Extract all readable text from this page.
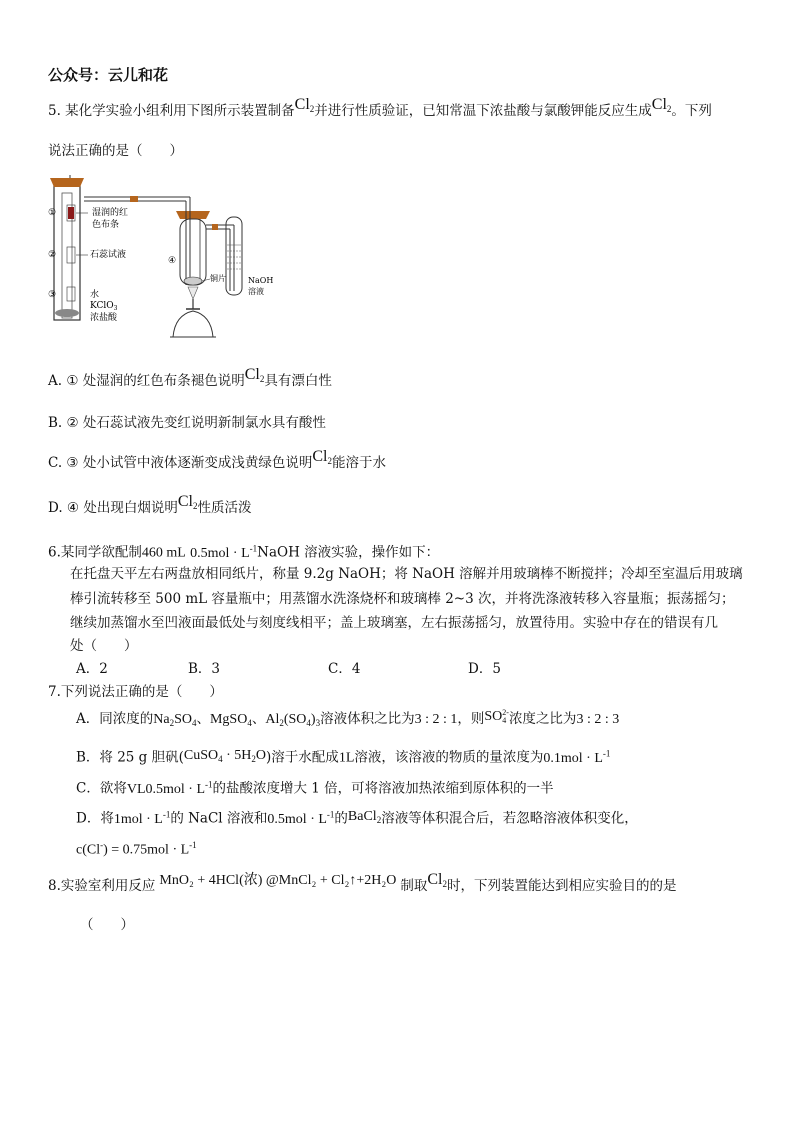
公众号：云儿和花
5. 某化学实验小组利用下图所示装置制备$Cl_2$并进行性质验证，已知常温下浓盐酸与氯酸钾能反应生成$Cl_2$。下列
说法正确的是（　　）
①
②
③
湿润的红
色布条
石蕊试液
水
KClO$_3$
浓盐酸
④
铜片	NaOH
溶液
A. ① 处湿润的红色布条褪色说明$Cl_2$具有漂白性
B. ② 处石蕊试液先变红说明新制氯水具有酸性
C. ③ 处小试管中液体逐渐变成浅黄绿色说明$Cl_2$能溶于水
D. ④ 处出现白烟说明$Cl_2$性质活泼
6.某同学欲配制460 mL $0.5mol \cdot L^{-1}NaOH$ 溶液实验，操作如下：
在托盘天平左右两盘放相同纸片，称量 9.2g NaOH；将 NaOH 溶解并用玻璃棒不断搅拌；冷却至室温后用玻璃
棒引流转移至 500 mL 容量瓶中；用蒸馏水洗涤烧杯和玻璃棒 2~3 次，并将洗涤液转移入容量瓶；振荡摇匀；
继续加蒸馏水至凹液面最低处与刻度线相平；盖上玻璃塞，左右振荡摇匀，放置待用。实验中存在的错误有几
处（　　）
A．2	B．3	C．4	D．5
7.下列说法正确的是（　　）
A．同浓度的$Na_2SO_4$、MgSO$_4$、$Al_2(SO_4)_3$溶液体积之比为3 : 2 : 1，则SO 2-
4 浓度之比为3 : 2 : 3
B．将 25 g 胆矾(CuSO$_4$ · $5H_2O$)溶于水配成1L溶液，该溶液的物质的量浓度为$0.1mol \cdot L^{-1}$
C．欲将$VL0.5mol \cdot L^{-1}$的盐酸浓度增大 1 倍，可将溶液加热浓缩到原体积的一半
D．将$1mol \cdot L^{-1}$的 NaCl 溶液和$0.5mol \cdot L^{-1}$的BaCl$_2$溶液等体积混合后，若忽略溶液体积变化，
$c(Cl^-) = 0.75mol \cdot L^{-1}$
8.实验室利用反应 MnO₂ + 4HCl(浓) @MnCl₂ + Cl₂↑+2H₂O 制取$Cl_2$时，下列装置能达到相应实验目的的是
（　　）
